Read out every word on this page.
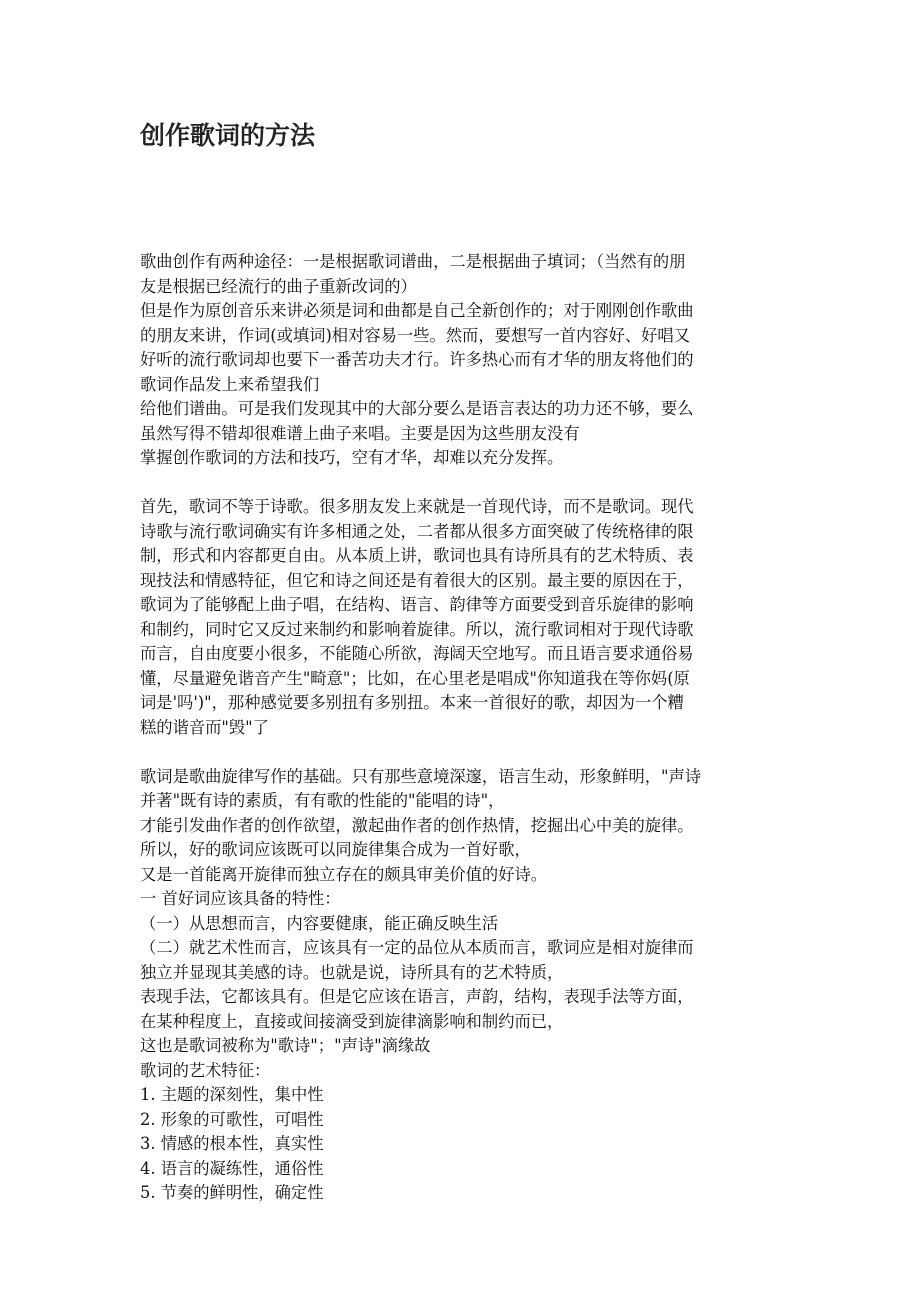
创作歌词的方法
歌曲创作有两种途径：一是根据歌词谱曲，二是根据曲子填词；（当然有的朋
友是根据已经流行的曲子重新改词的）
但是作为原创音乐来讲必须是词和曲都是自己全新创作的；对于刚刚创作歌曲
的朋友来讲，作词(或填词)相对容易一些。然而，要想写一首内容好、好唱又
好听的流行歌词却也要下一番苦功夫才行。许多热心而有才华的朋友将他们的
歌词作品发上来希望我们
给他们谱曲。可是我们发现其中的大部分要么是语言表达的功力还不够，要么
虽然写得不错却很难谱上曲子来唱。主要是因为这些朋友没有
掌握创作歌词的方法和技巧，空有才华，却难以充分发挥。
首先，歌词不等于诗歌。很多朋友发上来就是一首现代诗，而不是歌词。现代
诗歌与流行歌词确实有许多相通之处，二者都从很多方面突破了传统格律的限
制，形式和内容都更自由。从本质上讲，歌词也具有诗所具有的艺术特质、表
现技法和情感特征，但它和诗之间还是有着很大的区别。最主要的原因在于，
歌词为了能够配上曲子唱，在结构、语言、韵律等方面要受到音乐旋律的影响
和制约，同时它又反过来制约和影响着旋律。所以，流行歌词相对于现代诗歌
而言，自由度要小很多，不能随心所欲，海阔天空地写。而且语言要求通俗易
懂，尽量避免谐音产生"畸意"；比如，在心里老是唱成"你知道我在等你妈(原
词是'吗')"，那种感觉要多别扭有多别扭。本来一首很好的歌，却因为一个糟
糕的谐音而"毁"了
歌词是歌曲旋律写作的基础。只有那些意境深邃，语言生动，形象鲜明，"声诗
并著"既有诗的素质，有有歌的性能的"能唱的诗"，
才能引发曲作者的创作欲望，激起曲作者的创作热情，挖掘出心中美的旋律。
所以，好的歌词应该既可以同旋律集合成为一首好歌，
又是一首能离开旋律而独立存在的颇具审美价值的好诗。
一 首好词应该具备的特性：
（一）从思想而言，内容要健康，能正确反映生活
（二）就艺术性而言，应该具有一定的品位从本质而言，歌词应是相对旋律而
独立并显现其美感的诗。也就是说，诗所具有的艺术特质，
表现手法，它都该具有。但是它应该在语言，声韵，结构，表现手法等方面，
在某种程度上，直接或间接滴受到旋律滴影响和制约而已，
这也是歌词被称为"歌诗"；"声诗"滴缘故
歌词的艺术特征：
1. 主题的深刻性，集中性
2. 形象的可歌性，可唱性
3. 情感的根本性，真实性
4. 语言的凝练性，通俗性
5. 节奏的鲜明性，确定性
